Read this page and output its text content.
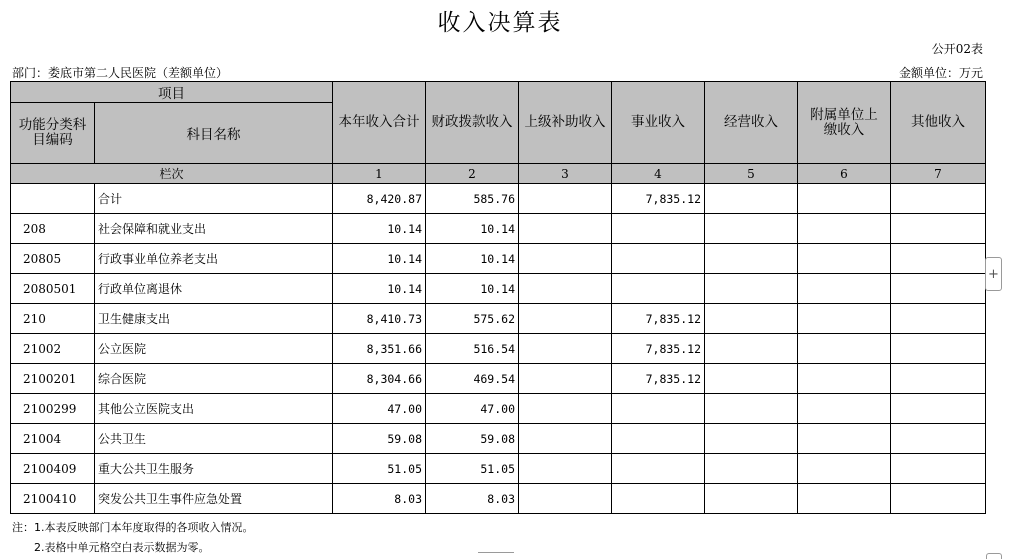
收入决算表
公开02表
部门：娄底市第二人民医院（差额单位）	金额单位：万元
项目		本年收入合计	财政拨款收入	上级补助收入	事业收入	经营收入	附属单位上缴收入	其他收入
功能分类科目编码	科目名称							
栏次		1	2	3	4	5	6	7
	合计	8,420.87	585.76		7,835.12			
208	社会保障和就业支出	10.14	10.14					
20805	行政事业单位养老支出	10.14	10.14					
2080501	行政单位离退休	10.14	10.14					
210	卫生健康支出	8,410.73	575.62		7,835.12			
21002	公立医院	8,351.66	516.54		7,835.12			
2100201	综合医院	8,304.66	469.54		7,835.12			
2100299	其他公立医院支出	47.00	47.00					
21004	公共卫生	59.08	59.08					
2100409	重大公共卫生服务	51.05	51.05					
2100410	突发公共卫生事件应急处置	8.03	8.03					
注：1.本表反映部门本年度取得的各项收入情况。
2.表格中单元格空白表示数据为零。
+
